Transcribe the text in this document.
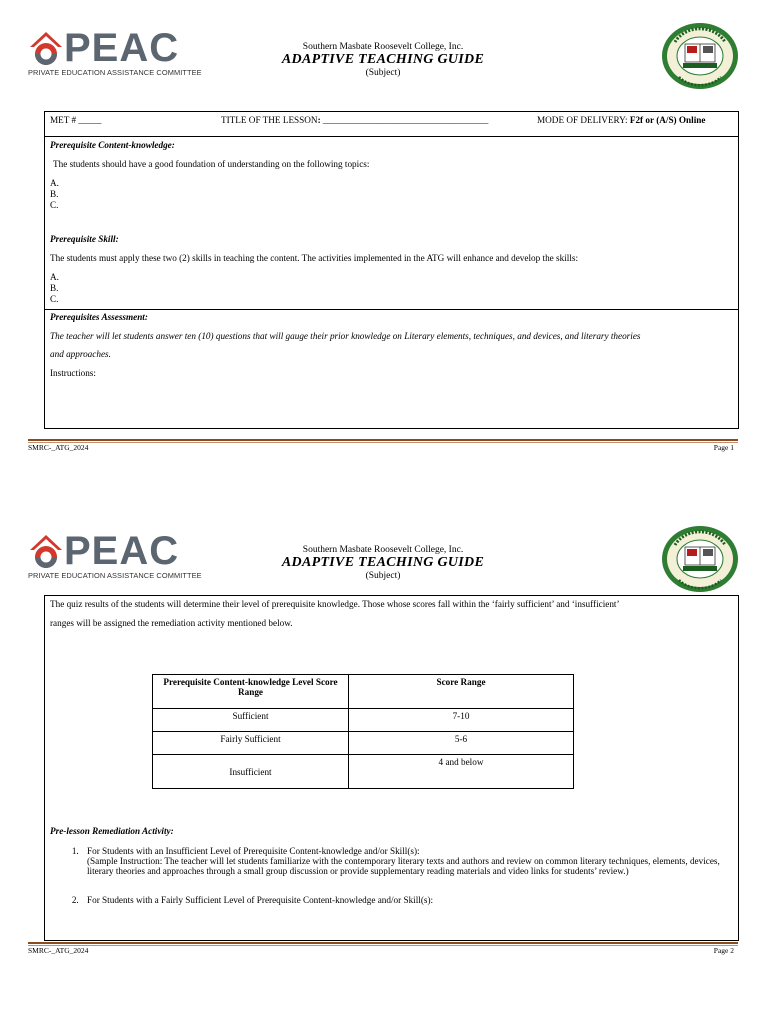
PEAC
PRIVATE EDUCATION ASSISTANCE COMMITTEE
Southern Masbate Roosevelt College, Inc.
ADAPTIVE TEACHING GUIDE
(Subject)
MET # _____	TITLE OF THE LESSON: ____________________________________	MODE OF DELIVERY: F2f or (A/S) Online
Prerequisite Content-knowledge:
The students should have a good foundation of understanding on the following topics:
A.
B.
C.
Prerequisite Skill:
The students must apply these two (2) skills in teaching the content. The activities implemented in the ATG will enhance and develop the skills:
A.
B.
C.
Prerequisites Assessment:
The teacher will let students answer ten (10) questions that will gauge their prior knowledge on Literary elements, techniques, and devices, and literary theories
and approaches.
Instructions:
SMRC-_ATG_2024	Page 1
PEAC
PRIVATE EDUCATION ASSISTANCE COMMITTEE
Southern Masbate Roosevelt College, Inc.
ADAPTIVE TEACHING GUIDE
(Subject)
The quiz results of the students will determine their level of prerequisite knowledge. Those whose scores fall within the ‘fairly sufficient’ and ‘insufficient’
ranges will be assigned the remediation activity mentioned below.
Prerequisite Content-knowledge Level Score Range	Score Range
Sufficient	7-10
Fairly Sufficient	5-6
Insufficient	4 and below
Pre-lesson Remediation Activity:
1. For Students with an Insufficient Level of Prerequisite Content-knowledge and/or Skill(s):
(Sample Instruction: The teacher will let students familiarize with the contemporary literary texts and authors and review on common literary techniques, elements, devices, literary theories and approaches through a small group discussion or provide supplementary reading materials and video links for students’ review.)
2. For Students with a Fairly Sufficient Level of Prerequisite Content-knowledge and/or Skill(s):
SMRC-_ATG_2024	Page 2
